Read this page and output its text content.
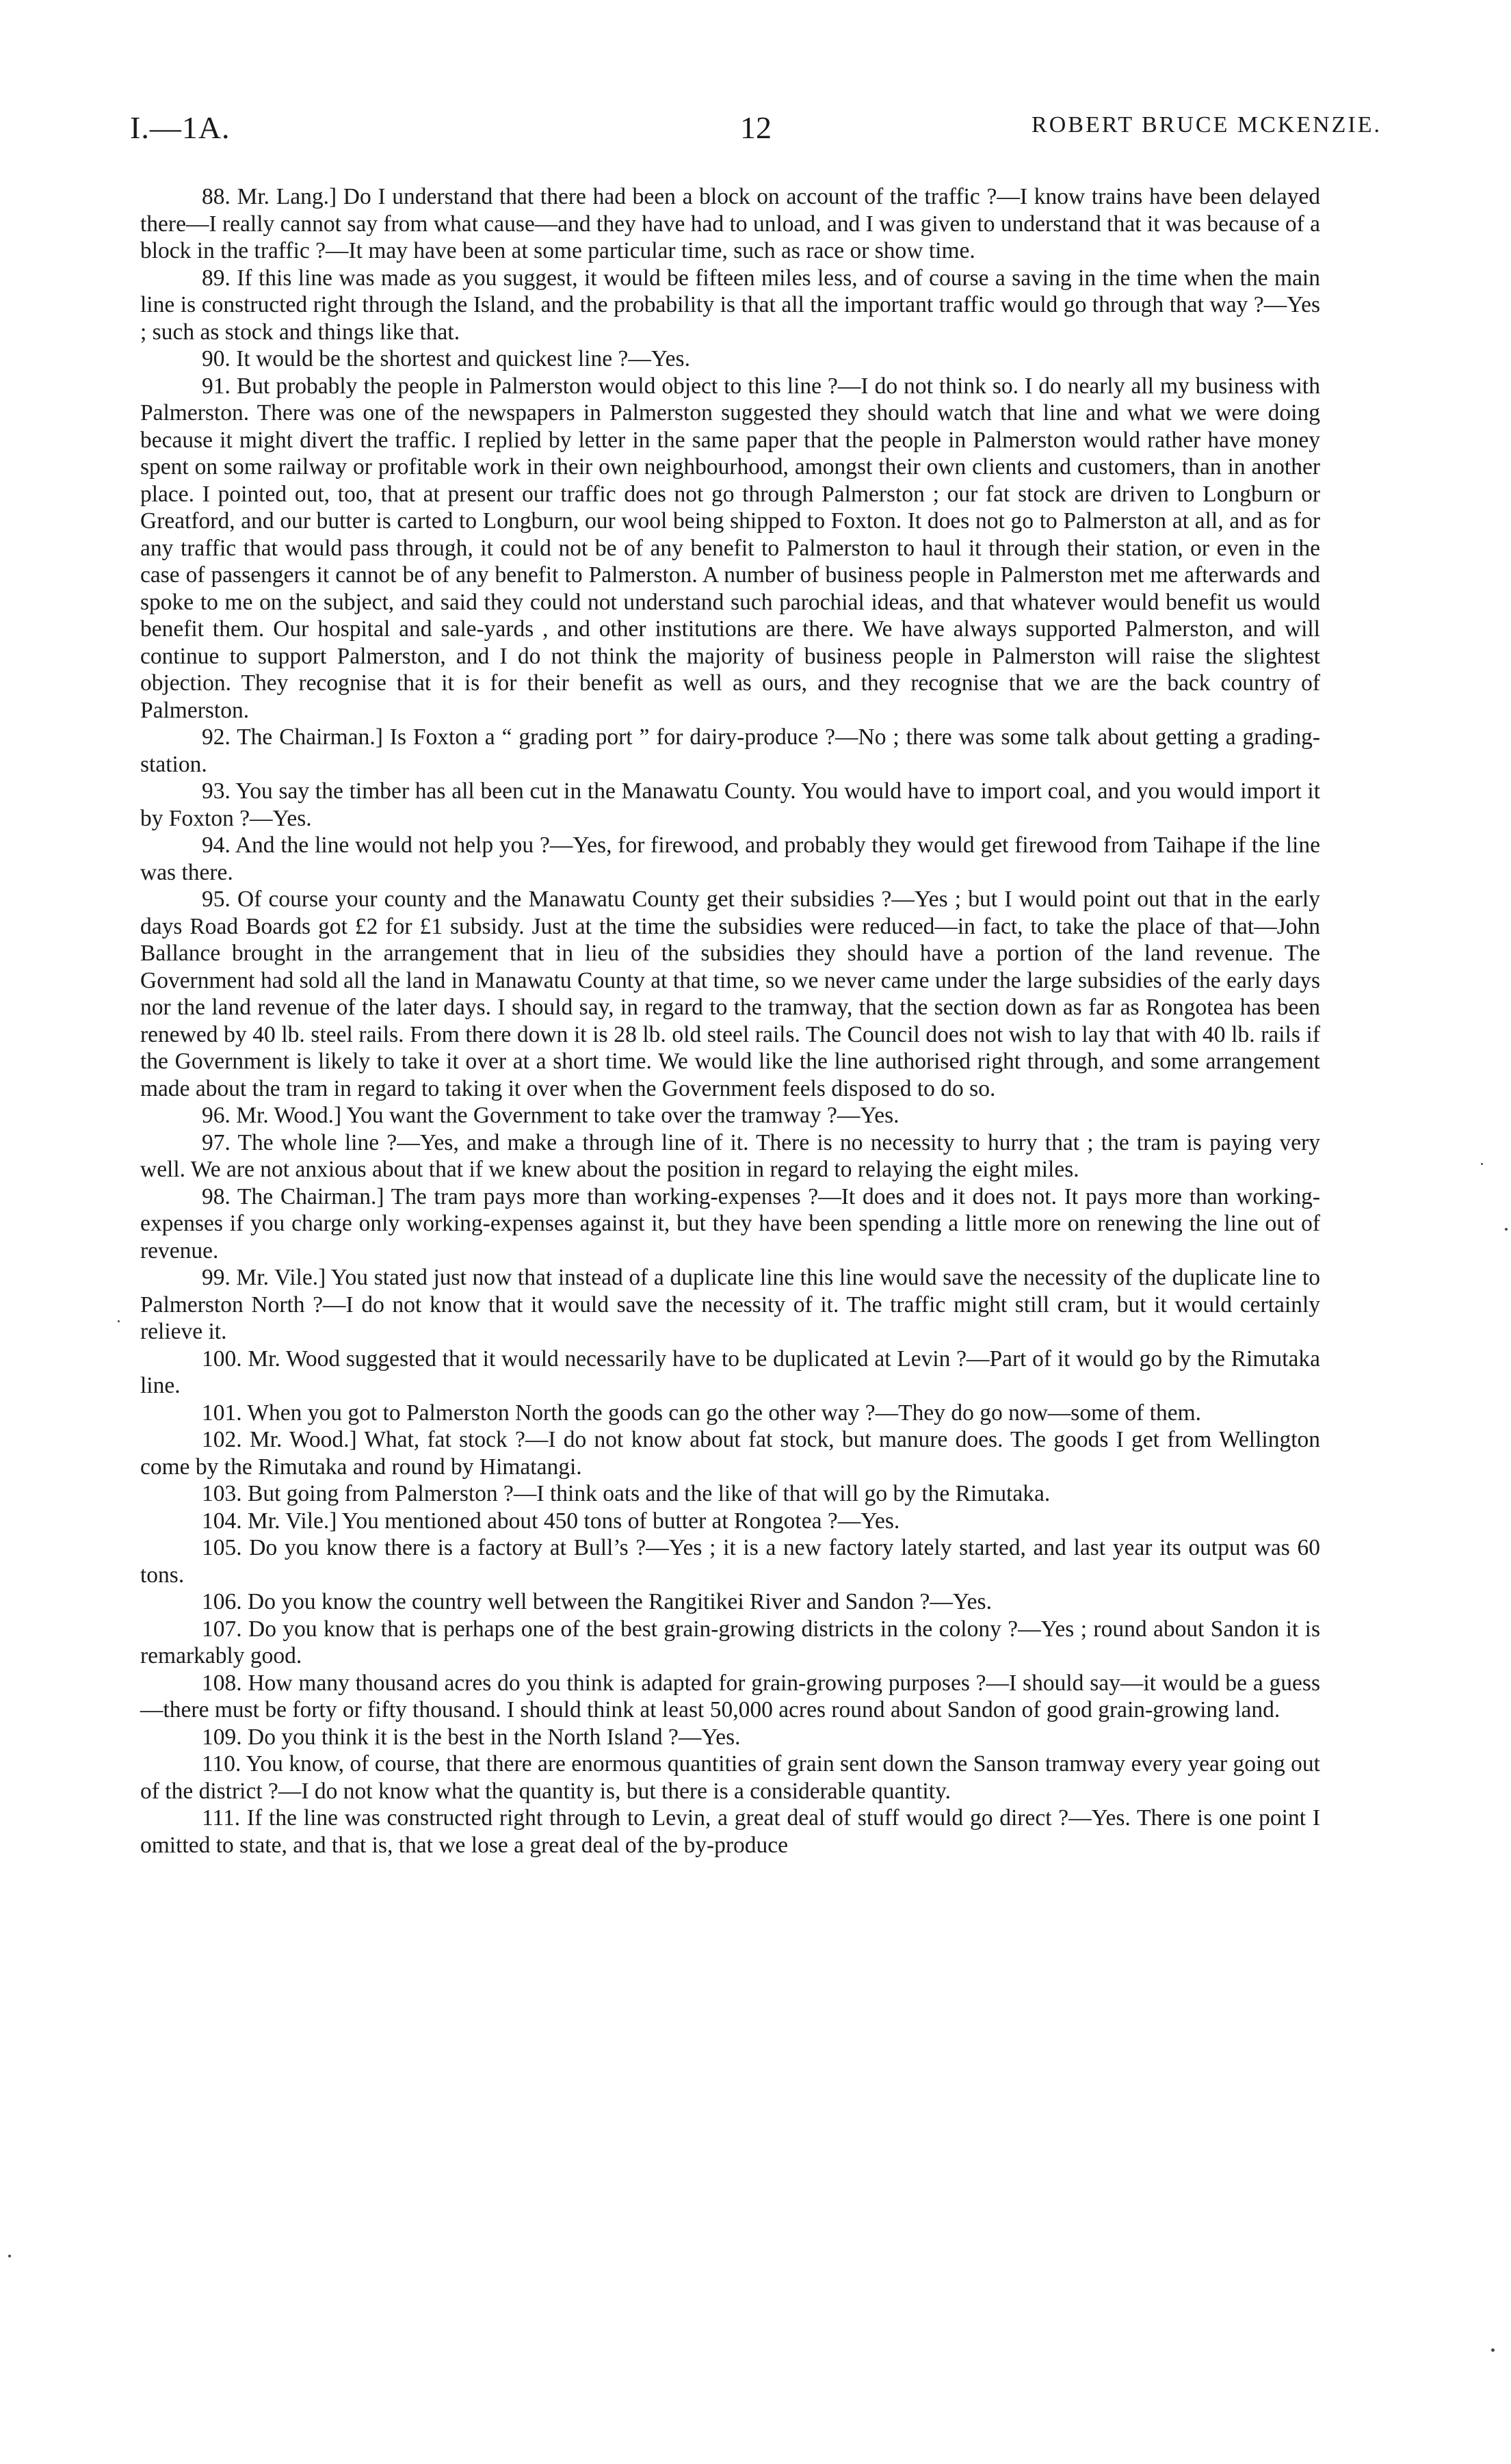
I.—1A.	12	ROBERT BRUCE MCKENZIE.

88. Mr. Lang.] Do I understand that there had been a block on account of the traffic ?—I know trains have been delayed there—I really cannot say from what cause—and they have had to unload, and I was given to understand that it was because of a block in the traffic ?—It may have been at some particular time, such as race or show time.

89. If this line was made as you suggest, it would be fifteen miles less, and of course a saving in the time when the main line is constructed right through the Island, and the probability is that all the important traffic would go through that way ?—Yes ; such as stock and things like that.

90. It would be the shortest and quickest line ?—Yes.

91. But probably the people in Palmerston would object to this line ?—I do not think so. I do nearly all my business with Palmerston. There was one of the newspapers in Palmerston suggested they should watch that line and what we were doing because it might divert the traffic. I replied by letter in the same paper that the people in Palmerston would rather have money spent on some railway or profitable work in their own neighbourhood, amongst their own clients and customers, than in another place. I pointed out, too, that at present our traffic does not go through Palmerston ; our fat stock are driven to Longburn or Greatford, and our butter is carted to Longburn, our wool being shipped to Foxton. It does not go to Palmerston at all, and as for any traffic that would pass through, it could not be of any benefit to Palmerston to haul it through their station, or even in the case of passengers it cannot be of any benefit to Palmerston. A number of business people in Palmerston met me afterwards and spoke to me on the subject, and said they could not understand such parochial ideas, and that whatever would benefit us would benefit them. Our hospital and sale-yards , and other institutions are there. We have always supported Palmerston, and will continue to support Palmerston, and I do not think the majority of business people in Palmerston will raise the slightest objection. They recognise that it is for their benefit as well as ours, and they recognise that we are the back country of Palmerston.

92. The Chairman.] Is Foxton a “ grading port ” for dairy-produce ?—No ; there was some talk about getting a grading-station.

93. You say the timber has all been cut in the Manawatu County. You would have to import coal, and you would import it by Foxton ?—Yes.

94. And the line would not help you ?—Yes, for firewood, and probably they would get firewood from Taihape if the line was there.

95. Of course your county and the Manawatu County get their subsidies ?—Yes ; but I would point out that in the early days Road Boards got £2 for £1 subsidy. Just at the time the subsidies were reduced—in fact, to take the place of that—John Ballance brought in the arrangement that in lieu of the subsidies they should have a portion of the land revenue. The Government had sold all the land in Manawatu County at that time, so we never came under the large subsidies of the early days nor the land revenue of the later days. I should say, in regard to the tramway, that the section down as far as Rongotea has been renewed by 40 lb. steel rails. From there down it is 28 lb. old steel rails. The Council does not wish to lay that with 40 lb. rails if the Government is likely to take it over at a short time. We would like the line authorised right through, and some arrangement made about the tram in regard to taking it over when the Government feels disposed to do so.

96. Mr. Wood.] You want the Government to take over the tramway ?—Yes.

97. The whole line ?—Yes, and make a through line of it. There is no necessity to hurry that ; the tram is paying very well. We are not anxious about that if we knew about the position in regard to relaying the eight miles.

98. The Chairman.] The tram pays more than working-expenses ?—It does and it does not. It pays more than working-expenses if you charge only working-expenses against it, but they have been spending a little more on renewing the line out of revenue.

99. Mr. Vile.] You stated just now that instead of a duplicate line this line would save the necessity of the duplicate line to Palmerston North ?—I do not know that it would save the necessity of it. The traffic might still cram, but it would certainly relieve it.

100. Mr. Wood suggested that it would necessarily have to be duplicated at Levin ?—Part of it would go by the Rimutaka line.

101. When you got to Palmerston North the goods can go the other way ?—They do go now—some of them.

102. Mr. Wood.] What, fat stock ?—I do not know about fat stock, but manure does. The goods I get from Wellington come by the Rimutaka and round by Himatangi.

103. But going from Palmerston ?—I think oats and the like of that will go by the Rimutaka.

104. Mr. Vile.] You mentioned about 450 tons of butter at Rongotea ?—Yes.

105. Do you know there is a factory at Bull’s ?—Yes ; it is a new factory lately started, and last year its output was 60 tons.

106. Do you know the country well between the Rangitikei River and Sandon ?—Yes.

107. Do you know that is perhaps one of the best grain-growing districts in the colony ?—Yes ; round about Sandon it is remarkably good.

108. How many thousand acres do you think is adapted for grain-growing purposes ?—I should say—it would be a guess—there must be forty or fifty thousand. I should think at least 50,000 acres round about Sandon of good grain-growing land.

109. Do you think it is the best in the North Island ?—Yes.

110. You know, of course, that there are enormous quantities of grain sent down the Sanson tramway every year going out of the district ?—I do not know what the quantity is, but there is a considerable quantity.

111. If the line was constructed right through to Levin, a great deal of stuff would go direct ?—Yes. There is one point I omitted to state, and that is, that we lose a great deal of the by-produce
